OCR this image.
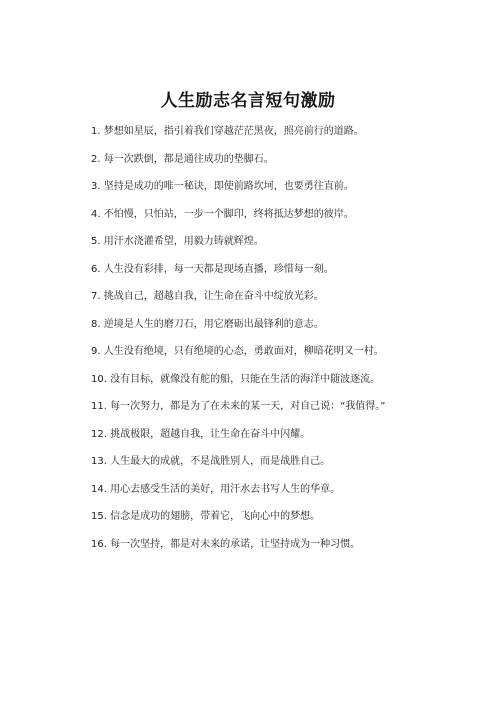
人生励志名言短句激励
1. 梦想如星辰，指引着我们穿越茫茫黑夜，照亮前行的道路。
2. 每一次跌倒，都是通往成功的垫脚石。
3. 坚持是成功的唯一秘诀，即使前路坎坷，也要勇往直前。
4. 不怕慢，只怕站，一步一个脚印，终将抵达梦想的彼岸。
5. 用汗水浇灌希望，用毅力铸就辉煌。
6. 人生没有彩排，每一天都是现场直播，珍惜每一刻。
7. 挑战自己，超越自我，让生命在奋斗中绽放光彩。
8. 逆境是人生的磨刀石，用它磨砺出最锋利的意志。
9. 人生没有绝境，只有绝境的心态，勇敢面对，柳暗花明又一村。
10. 没有目标，就像没有舵的船，只能在生活的海洋中随波逐流。
11. 每一次努力，都是为了在未来的某一天，对自己说：“我值得。”
12. 挑战极限，超越自我，让生命在奋斗中闪耀。
13. 人生最大的成就，不是战胜别人，而是战胜自己。
14. 用心去感受生活的美好，用汗水去书写人生的华章。
15. 信念是成功的翅膀，带着它，飞向心中的梦想。
16. 每一次坚持，都是对未来的承诺，让坚持成为一种习惯。
